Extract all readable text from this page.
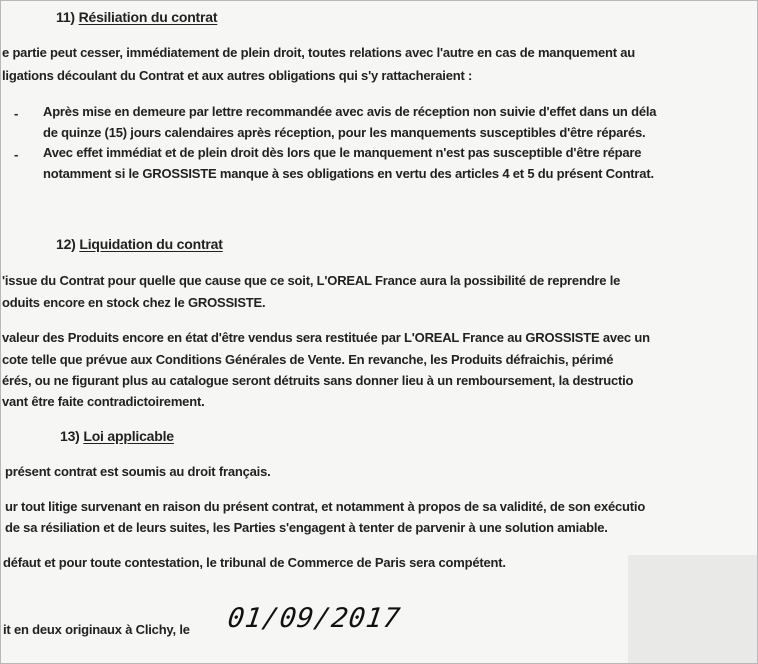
11) Résiliation du contrat
e partie peut cesser, immédiatement de plein droit, toutes relations avec l'autre en cas de manquement au
ligations découlant du Contrat et aux autres obligations qui s'y rattacheraient :
- Après mise en demeure par lettre recommandée avec avis de réception non suivie d'effet dans un déla
de quinze (15) jours calendaires après réception, pour les manquements susceptibles d'être réparés.
- Avec effet immédiat et de plein droit dès lors que le manquement n'est pas susceptible d'être répare
notamment si le GROSSISTE manque à ses obligations en vertu des articles 4 et 5 du présent Contrat.
12) Liquidation du contrat
'issue du Contrat pour quelle que cause que ce soit, L'OREAL France aura la possibilité de reprendre le
oduits encore en stock chez le GROSSISTE.
valeur des Produits encore en état d'être vendus sera restituée par L'OREAL France au GROSSISTE avec un
cote telle que prévue aux Conditions Générales de Vente. En revanche, les Produits défraichis, périmé
érés, ou ne figurant plus au catalogue seront détruits sans donner lieu à un remboursement, la destructio
vant être faite contradictoirement.
13) Loi applicable
présent contrat est soumis au droit français.
ur tout litige survenant en raison du présent contrat, et notamment à propos de sa validité, de son exécutio
de sa résiliation et de leurs suites, les Parties s'engagent à tenter de parvenir à une solution amiable.
défaut et pour toute contestation, le tribunal de Commerce de Paris sera compétent.
it en deux originaux à Clichy, le 01/09/2017
